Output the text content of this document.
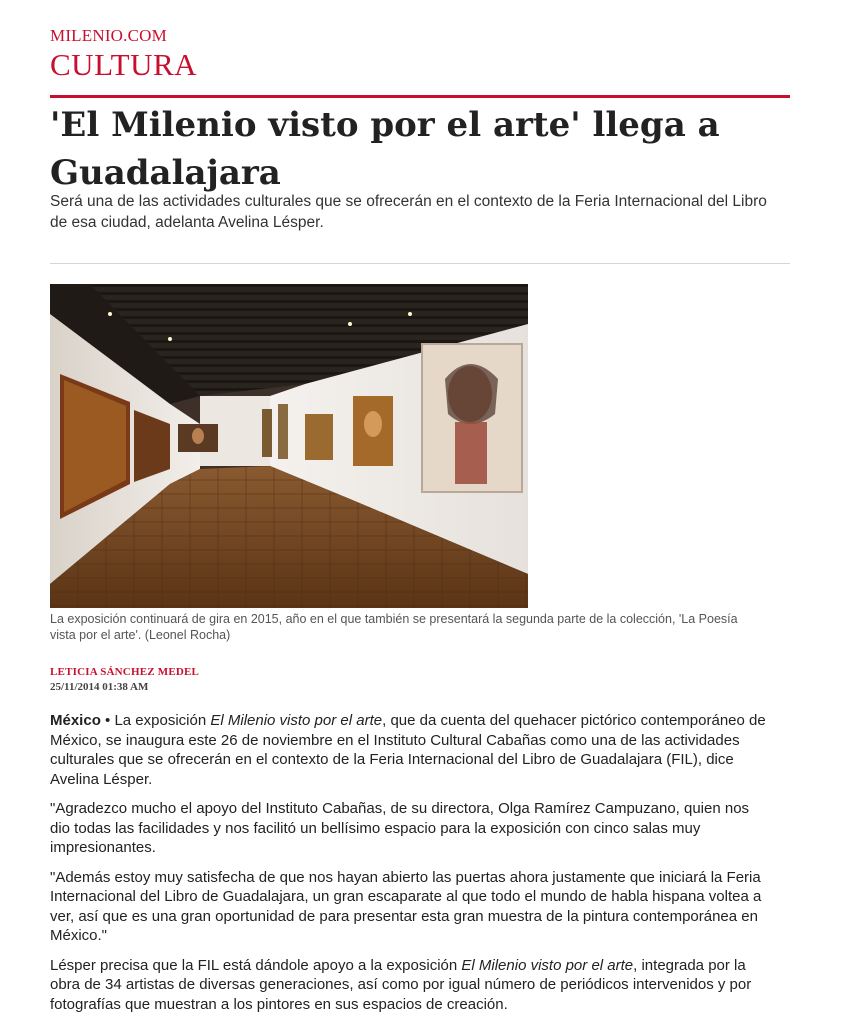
MILENIO.COM
CULTURA
'El Milenio visto por el arte' llega a Guadalajara

Será una de las actividades culturales que se ofrecerán en el contexto de la Feria Internacional del Libro de esa ciudad, adelanta Avelina Lésper.

La exposición continuará de gira en 2015, año en el que también se presentará la segunda parte de la colección, 'La Poesía vista por el arte'. (Leonel Rocha)

LETICIA SÁNCHEZ MEDEL
25/11/2014 01:38 AM

México • La exposición El Milenio visto por el arte, que da cuenta del quehacer pictórico contemporáneo de México, se inaugura este 26 de noviembre en el Instituto Cultural Cabañas como una de las actividades culturales que se ofrecerán en el contexto de la Feria Internacional del Libro de Guadalajara (FIL), dice Avelina Lésper.

"Agradezco mucho el apoyo del Instituto Cabañas, de su directora, Olga Ramírez Campuzano, quien nos dio todas las facilidades y nos facilitó un bellísimo espacio para la exposición con cinco salas muy impresionantes.

"Además estoy muy satisfecha de que nos hayan abierto las puertas ahora justamente que iniciará la Feria Internacional del Libro de Guadalajara, un gran escaparate al que todo el mundo de habla hispana voltea a ver, así que es una gran oportunidad de para presentar esta gran muestra de la pintura contemporánea en México."

Lésper precisa que la FIL está dándole apoyo a la exposición El Milenio visto por el arte, integrada por la obra de 34 artistas de diversas generaciones, así como por igual número de periódicos intervenidos y por fotografías que muestran a los pintores en sus espacios de creación.
